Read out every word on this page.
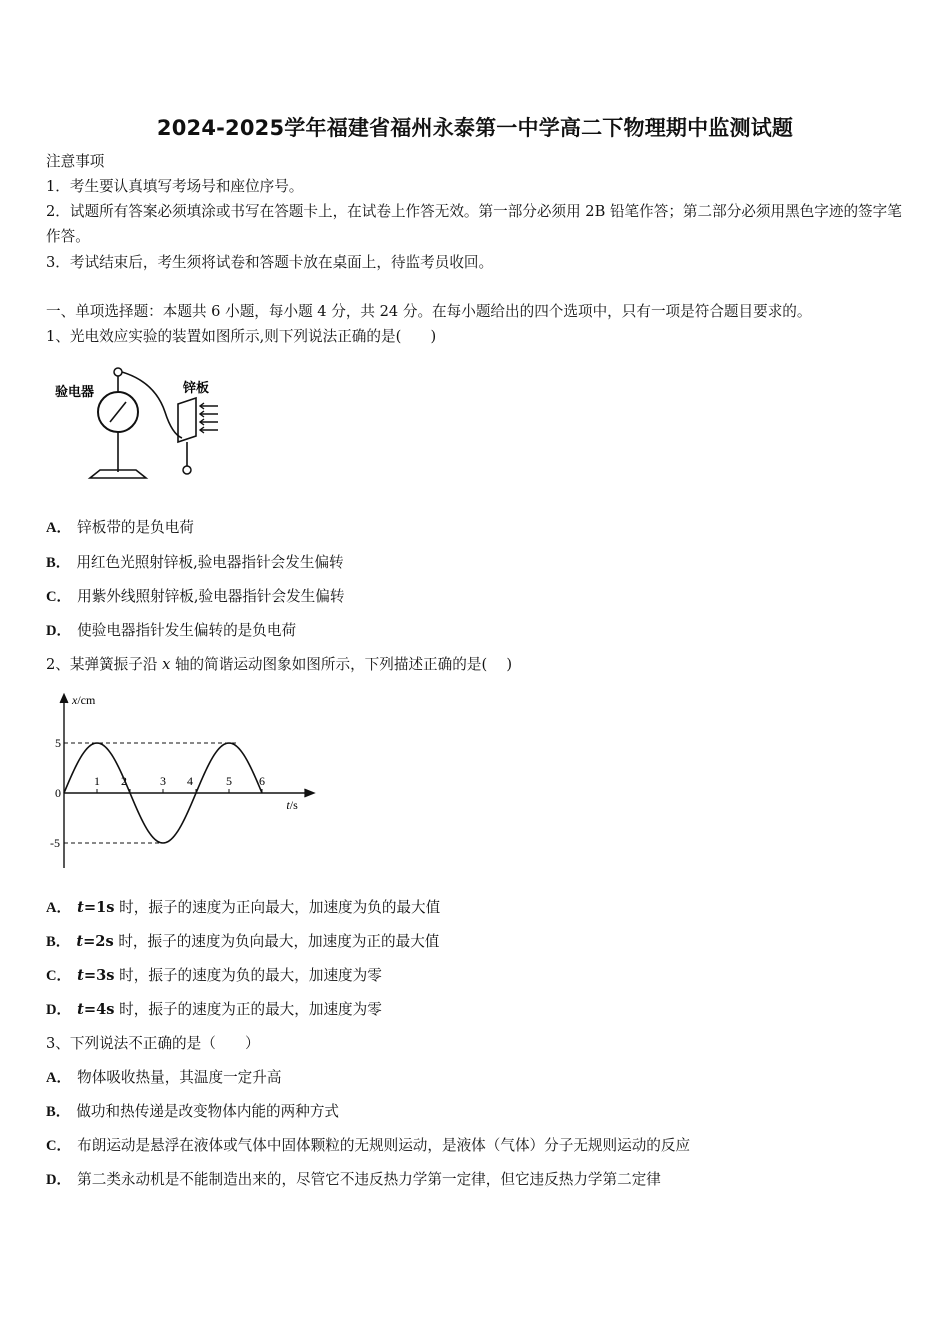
2024-2025学年福建省福州永泰第一中学高二下物理期中监测试题
注意事项
1．考生要认真填写考场号和座位序号。
2．试题所有答案必须填涂或书写在答题卡上，在试卷上作答无效。第一部分必须用 2B 铅笔作答；第二部分必须用黑色字迹的签字笔作答。
3．考试结束后，考生须将试卷和答题卡放在桌面上，待监考员收回。
一、单项选择题：本题共 6 小题，每小题 4 分，共 24 分。在每小题给出的四个选项中，只有一项是符合题目要求的。
1、光电效应实验的装置如图所示,则下列说法正确的是(　　)
验电器	锌板
A． 锌板带的是负电荷
B． 用红色光照射锌板,验电器指针会发生偏转
C． 用紫外线照射锌板,验电器指针会发生偏转
D． 使验电器指针发生偏转的是负电荷
2、某弹簧振子沿 x 轴的简谐运动图象如图所示，下列描述正确的是(　 )
1 2	3 4	5 6
5
0
-5
x/cm
t/s
A． t=1s 时，振子的速度为正向最大，加速度为负的最大值
B． t=2s 时，振子的速度为负向最大，加速度为正的最大值
C． t=3s 时，振子的速度为负的最大，加速度为零
D． t=4s 时，振子的速度为正的最大，加速度为零
3、下列说法不正确的是（　　）
A． 物体吸收热量，其温度一定升高
B． 做功和热传递是改变物体内能的两种方式
C． 布朗运动是悬浮在液体或气体中固体颗粒的无规则运动，是液体（气体）分子无规则运动的反应
D． 第二类永动机是不能制造出来的，尽管它不违反热力学第一定律，但它违反热力学第二定律
